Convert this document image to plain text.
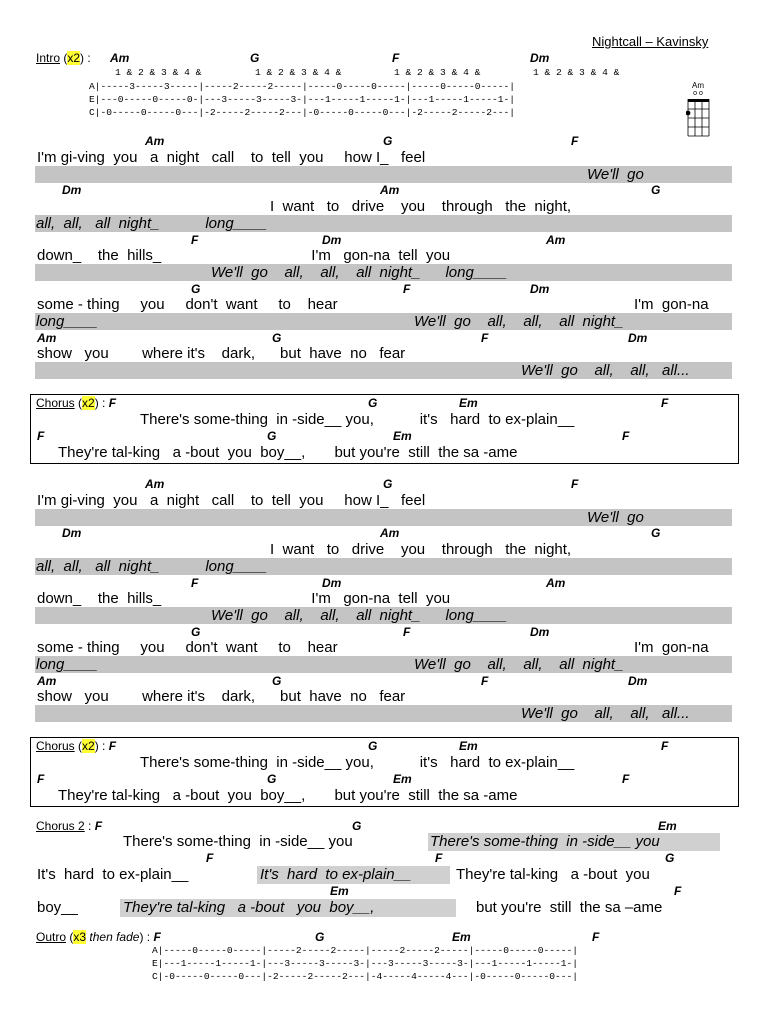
Nightcall – Kavinsky
Intro (x2) : Am	G	F	Dm
1 & 2 & 3 & 4 &	1 & 2 & 3 & 4 &	1 & 2 & 3 & 4 &	1 & 2 & 3 & 4 &
A|-----3-----3-----|-----2-----2-----|-----0-----0-----|-----0-----0-----|
E|---0-----0-----0-|---3-----3-----3-|---1-----1-----1-|---1-----1-----1-|
C|-0-----0-----0---|-2-----2-----2---|-0-----0-----0---|-2-----2-----2---|
Am
o o
Am	G	F
I'm gi-ving you a night call to tell you how I_ feel
We'll go
Dm	Am	G
I want to drive you through the night,
all, all, all night_	long____
F	Dm	Am
down_ the hills_	I'm gon-na tell you
We'll go all, all, all night_ long____
G	F	Dm
some - thing you don't want to hear	I'm gon-na
long____	We'll go all, all, all night_
Am	G	F	Dm
show you where it's dark, but have no fear
We'll go all, all, all...
Chorus (x2) : F	G	Em	F
There's some-thing in -side__ you,	it's hard to ex-plain__
F	G	Em	F
They're tal-king a -bout you boy__, but you're still the sa -ame
Am	G	F
I'm gi-ving you a night call to tell you how I_ feel
We'll go
Dm	Am	G
I want to drive you through the night,
all, all, all night_	long____
F	Dm	Am
down_ the hills_	I'm gon-na tell you
We'll go all, all, all night_ long____
G	F	Dm
some - thing you don't want to hear	I'm gon-na
long____	We'll go all, all, all night_
Am	G	F	Dm
show you where it's dark, but have no fear
We'll go all, all, all...
Chorus (x2) : F	G	Em	F
There's some-thing in -side__ you,	it's hard to ex-plain__
F	G	Em	F
They're tal-king a -bout you boy__, but you're still the sa -ame
Chorus 2 : F	G	Em
There's some-thing in -side__ you	There's some-thing in -side__ you
F	F	G
It's hard to ex-plain__	It's hard to ex-plain__	They're tal-king a -bout you
Em	F
boy__	They're tal-king a -bout you boy__,	but you're still the sa –ame
Outro (x3 then fade) : F	G	Em	F
A|-----0-----0-----|-----2-----2-----|-----2-----2-----|-----0-----0-----|
E|---1-----1-----1-|---3-----3-----3-|---3-----3-----3-|---1-----1-----1-|
C|-0-----0-----0---|-2-----2-----2---|-4-----4-----4---|-0-----0-----0---|
